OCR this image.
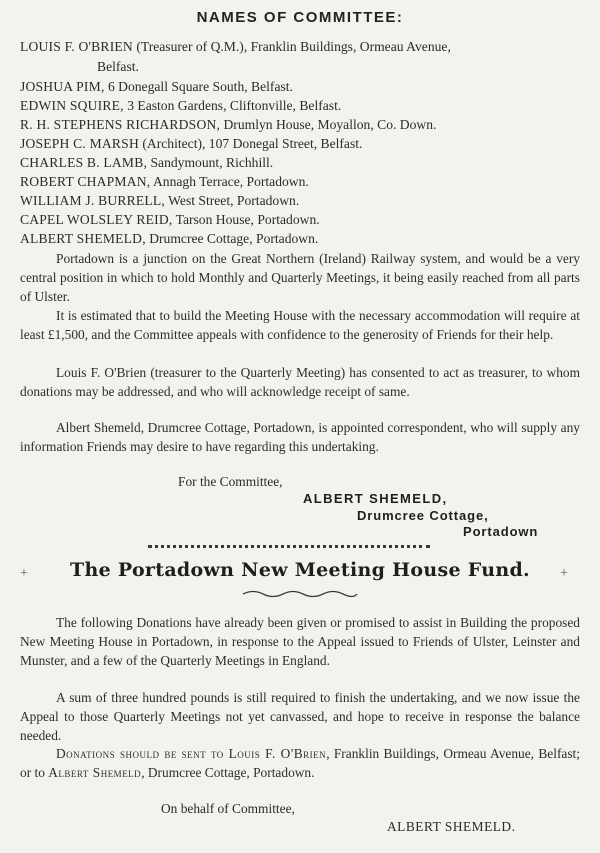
NAMES OF COMMITTEE:
LOUIS F. O'BRIEN (Treasurer of Q.M.), Franklin Buildings, Ormeau Avenue,
Belfast.
JOSHUA PIM, 6 Donegall Square South, Belfast.
EDWIN SQUIRE, 3 Easton Gardens, Cliftonville, Belfast.
R. H. STEPHENS RICHARDSON, Drumlyn House, Moyallon, Co. Down.
JOSEPH C. MARSH (Architect), 107 Donegal Street, Belfast.
CHARLES B. LAMB, Sandymount, Richhill.
ROBERT CHAPMAN, Annagh Terrace, Portadown.
WILLIAM J. BURRELL, West Street, Portadown.
CAPEL WOLSLEY REID, Tarson House, Portadown.
ALBERT SHEMELD, Drumcree Cottage, Portadown.
Portadown is a junction on the Great Northern (Ireland) Railway system, and would be a very central position in which to hold Monthly and Quarterly Meetings, it being easily reached from all parts of Ulster.
It is estimated that to build the Meeting House with the necessary accommodation will require at least £1,500, and the Committee appeals with confidence to the generosity of Friends for their help.
Louis F. O'Brien (treasurer to the Quarterly Meeting) has consented to act as treasurer, to whom donations may be addressed, and who will acknowledge receipt of same.
Albert Shemeld, Drumcree Cottage, Portadown, is appointed correspondent, who will supply any information Friends may desire to have regarding this undertaking.
For the Committee,
ALBERT SHEMELD,
Drumcree Cottage,
Portadown
+	The Portadown New Meeting House Fund.	+
The following Donations have already been given or promised to assist in Building the proposed New Meeting House in Portadown, in response to the Appeal issued to Friends of Ulster, Leinster and Munster, and a few of the Quarterly Meetings in England.
A sum of three hundred pounds is still required to finish the undertaking, and we now issue the Appeal to those Quarterly Meetings not yet canvassed, and hope to receive in response the balance needed.
Donations should be sent to Louis F. O'Brien, Franklin Buildings, Ormeau Avenue, Belfast; or to Albert Shemeld, Drumcree Cottage, Portadown.
On behalf of Committee,
ALBERT SHEMELD.
